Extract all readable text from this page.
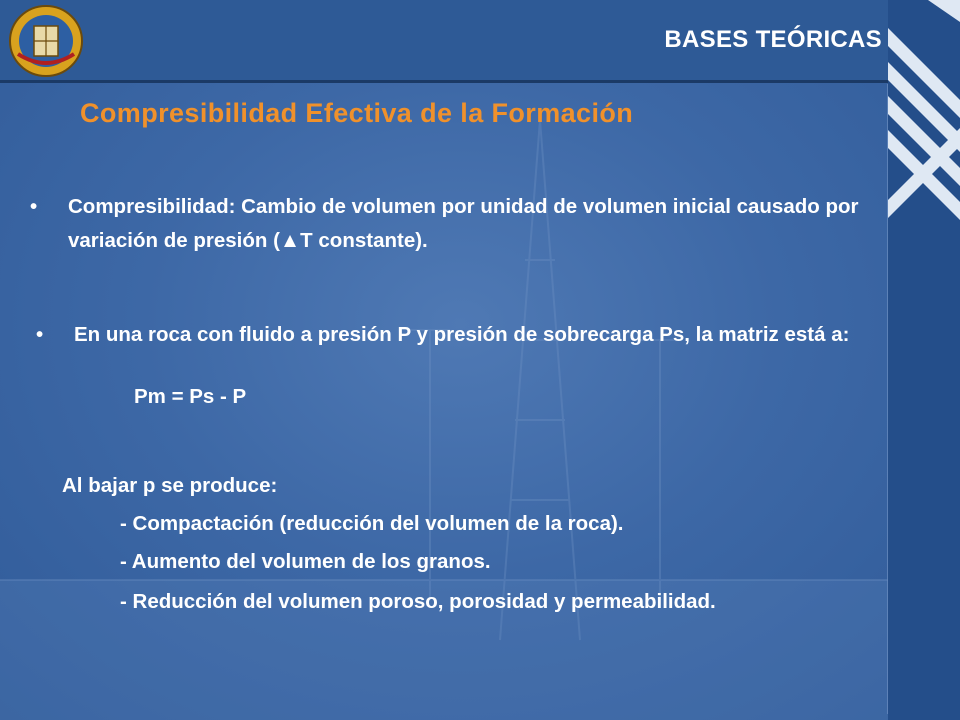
BASES TEÓRICAS
Compresibilidad Efectiva de la Formación
• Compresibilidad: Cambio de volumen por unidad de volumen inicial causado por variación de presión (▲T constante).
• En una roca con fluido a presión P y presión de sobrecarga Ps, la matriz está a:
Pm = Ps - P
Al bajar p se produce:
- Compactación (reducción del volumen de la roca).
- Aumento del volumen de los granos.
- Reducción del volumen poroso, porosidad y permeabilidad.
